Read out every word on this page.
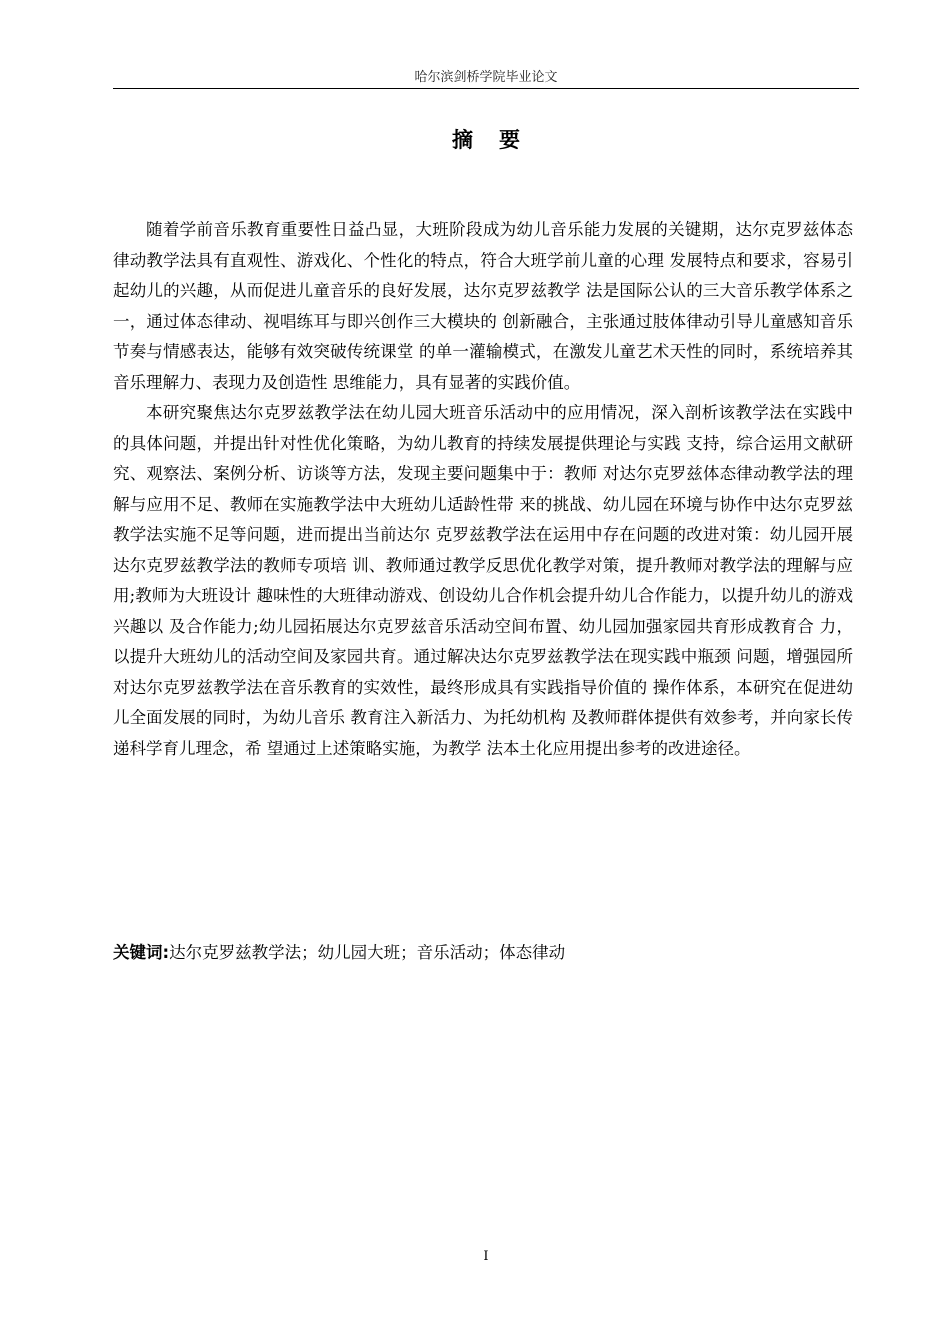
哈尔滨剑桥学院毕业论文
摘要

随着学前音乐教育重要性日益凸显，大班阶段成为幼儿音乐能力发展的关键期，达尔克罗兹体态律动教学法具有直观性、游戏化、个性化的特点，符合大班学前儿童的心理 发展特点和要求，容易引起幼儿的兴趣，从而促进儿童音乐的良好发展，达尔克罗兹教学 法是国际公认的三大音乐教学体系之一，通过体态律动、视唱练耳与即兴创作三大模块的 创新融合，主张通过肢体律动引导儿童感知音乐节奏与情感表达，能够有效突破传统课堂 的单一灌输模式，在激发儿童艺术天性的同时，系统培养其音乐理解力、表现力及创造性 思维能力，具有显著的实践价值。

本研究聚焦达尔克罗兹教学法在幼儿园大班音乐活动中的应用情况，深入剖析该教学法在实践中的具体问题，并提出针对性优化策略，为幼儿教育的持续发展提供理论与实践 支持，综合运用文献研究、观察法、案例分析、访谈等方法，发现主要问题集中于：教师 对达尔克罗兹体态律动教学法的理解与应用不足、教师在实施教学法中大班幼儿适龄性带 来的挑战、幼儿园在环境与协作中达尔克罗兹教学法实施不足等问题，进而提出当前达尔 克罗兹教学法在运用中存在问题的改进对策：幼儿园开展达尔克罗兹教学法的教师专项培 训、教师通过教学反思优化教学对策，提升教师对教学法的理解与应用;教师为大班设计 趣味性的大班律动游戏、创设幼儿合作机会提升幼儿合作能力，以提升幼儿的游戏兴趣以 及合作能力;幼儿园拓展达尔克罗兹音乐活动空间布置、幼儿园加强家园共育形成教育合 力，以提升大班幼儿的活动空间及家园共育。通过解决达尔克罗兹教学法在现实践中瓶颈 问题，增强园所对达尔克罗兹教学法在音乐教育的实效性，最终形成具有实践指导价值的 操作体系，本研究在促进幼儿全面发展的同时，为幼儿音乐 教育注入新活力、为托幼机构 及教师群体提供有效参考，并向家长传递科学育儿理念，希 望通过上述策略实施，为教学 法本土化应用提出参考的改进途径。

关键词:达尔克罗兹教学法；幼儿园大班；音乐活动；体态律动
I
